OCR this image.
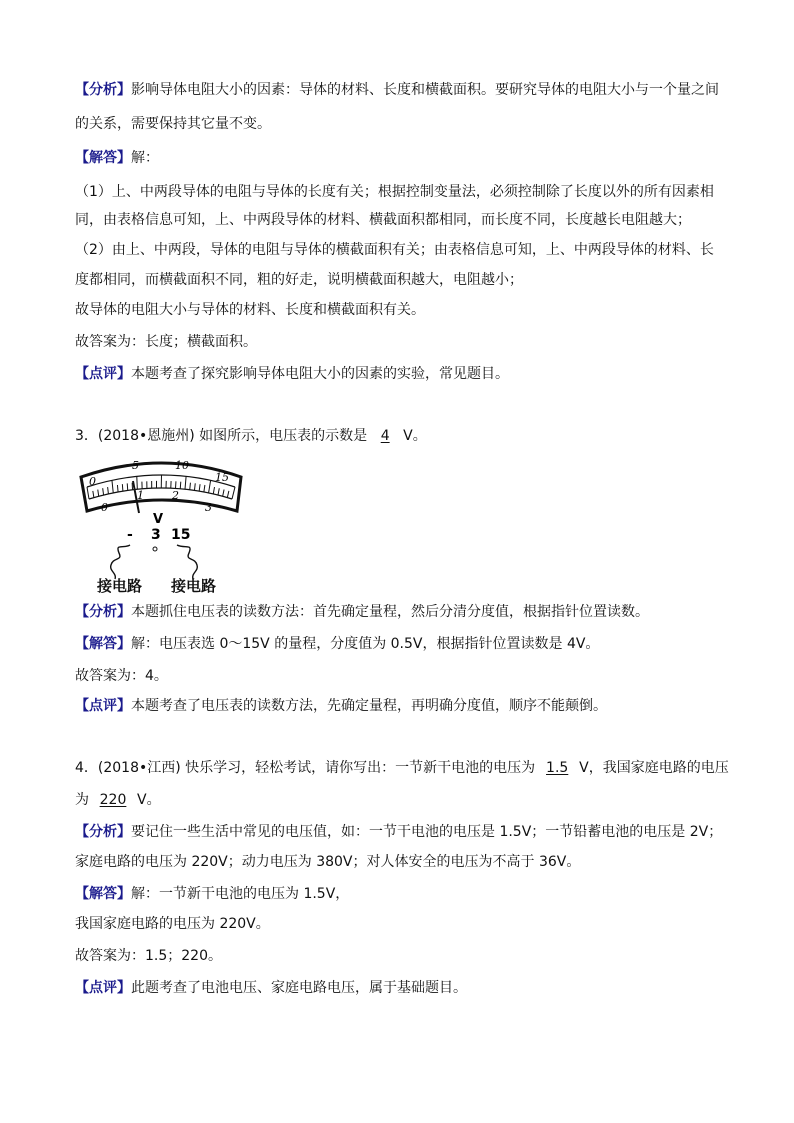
【分析】影响导体电阻大小的因素：导体的材料、长度和横截面积。要研究导体的电阻大小与一个量之间
的关系，需要保持其它量不变。
【解答】解：
（1）上、中两段导体的电阻与导体的长度有关；根据控制变量法，必须控制除了长度以外的所有因素相
同，由表格信息可知，上、中两段导体的材料、横截面积都相同，而长度不同，长度越长电阻越大；
（2）由上、中两段，导体的电阻与导体的横截面积有关；由表格信息可知，上、中两段导体的材料、长
度都相同，而横截面积不同，粗的好走，说明横截面积越大，电阻越小；
故导体的电阻大小与导体的材料、长度和横截面积有关。
故答案为：长度；横截面积。
【点评】本题考查了探究影响导体电阻大小的因素的实验，常见题目。
3．(2018•恩施州) 如图所示，电压表的示数是 4 V。
0
5	10
15
0
1	2
3
V
- 3 15
接电路 接电路
【分析】本题抓住电压表的读数方法：首先确定量程，然后分清分度值，根据指针位置读数。
【解答】解：电压表选 0～15V 的量程，分度值为 0.5V，根据指针位置读数是 4V。
故答案为：4。
【点评】本题考查了电压表的读数方法，先确定量程，再明确分度值，顺序不能颠倒。
4．(2018•江西) 快乐学习，轻松考试，请你写出：一节新干电池的电压为 1.5 V，我国家庭电路的电压
为 220 V。
【分析】要记住一些生活中常见的电压值，如：一节干电池的电压是 1.5V；一节铅蓄电池的电压是 2V；
家庭电路的电压为 220V；动力电压为 380V；对人体安全的电压为不高于 36V。
【解答】解：一节新干电池的电压为 1.5V，
我国家庭电路的电压为 220V。
故答案为：1.5；220。
【点评】此题考查了电池电压、家庭电路电压，属于基础题目。
